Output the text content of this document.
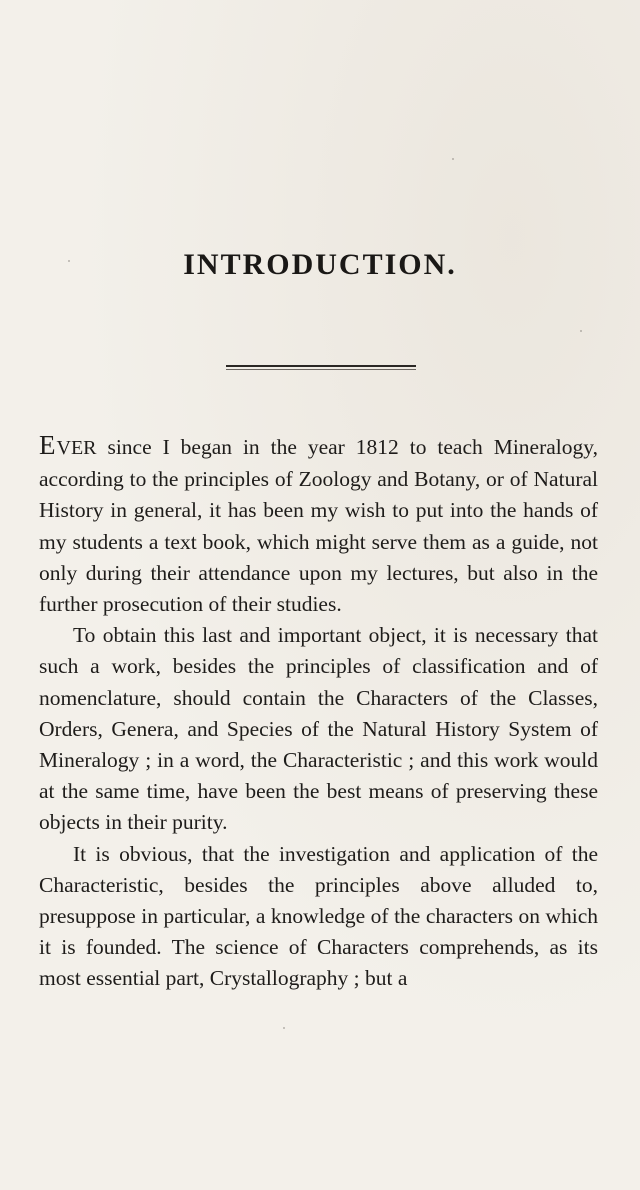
INTRODUCTION.

EVER since I began in the year 1812 to teach Mineralogy, according to the principles of Zoology and Botany, or of Natural History in general, it has been my wish to put into the hands of my students a text book, which might serve them as a guide, not only during their attendance upon my lectures, but also in the further prosecution of their studies.

To obtain this last and important object, it is necessary that such a work, besides the principles of classification and of nomenclature, should contain the Characters of the Classes, Orders, Genera, and Species of the Natural History System of Mineralogy ; in a word, the Characteristic ; and this work would at the same time, have been the best means of preserving these objects in their purity.

It is obvious, that the investigation and application of the Characteristic, besides the principles above alluded to, presuppose in particular, a knowledge of the characters on which it is founded. The science of Characters comprehends, as its most essential part, Crystallography ; but a
